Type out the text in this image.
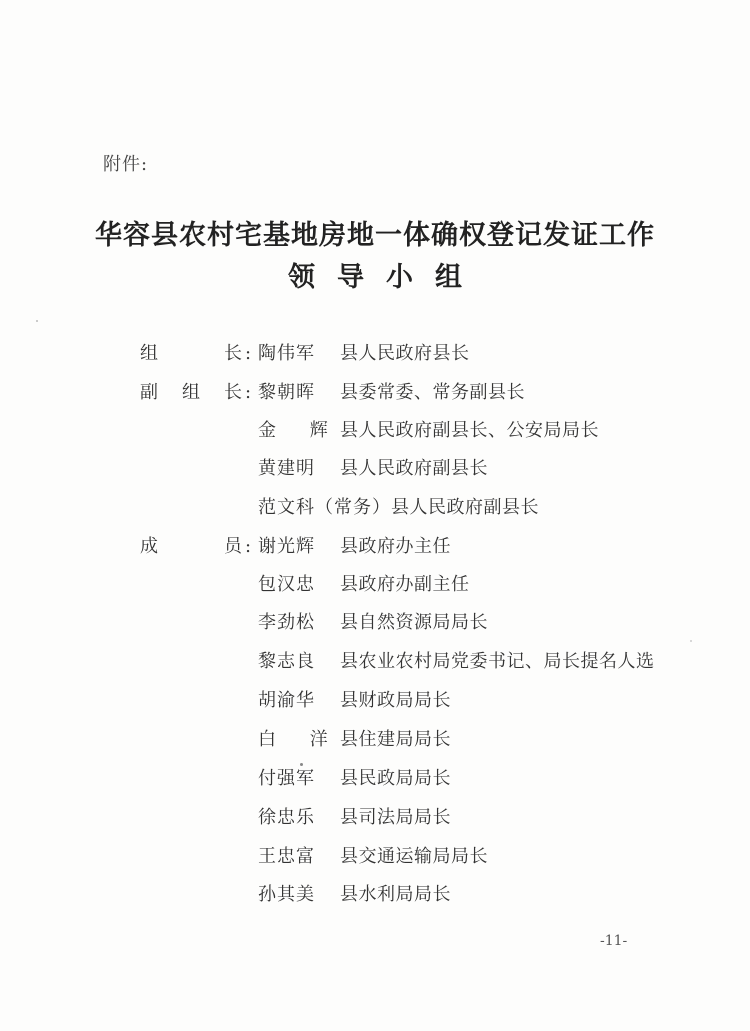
附件:
华容县农村宅基地房地一体确权登记发证工作
领导小组
组	长 : 陶伟军 县人民政府县长
副 组 长 : 黎朝晖 县委常委、常务副县长
金 辉县人民政府副县长、公安局局长
黄建明 县人民政府副县长
范文科（常务）县人民政府副县长
成	员 : 谢光辉 县政府办主任
包汉忠 县政府办副主任
李劲松 县自然资源局局长
黎志良 县农业农村局党委书记、局长提名人选
胡渝华 县财政局局长
白 洋县住建局局长
付强军 县民政局局长
徐忠乐 县司法局局长
王忠富 县交通运输局局长
孙其美 县水利局局长
-11-
